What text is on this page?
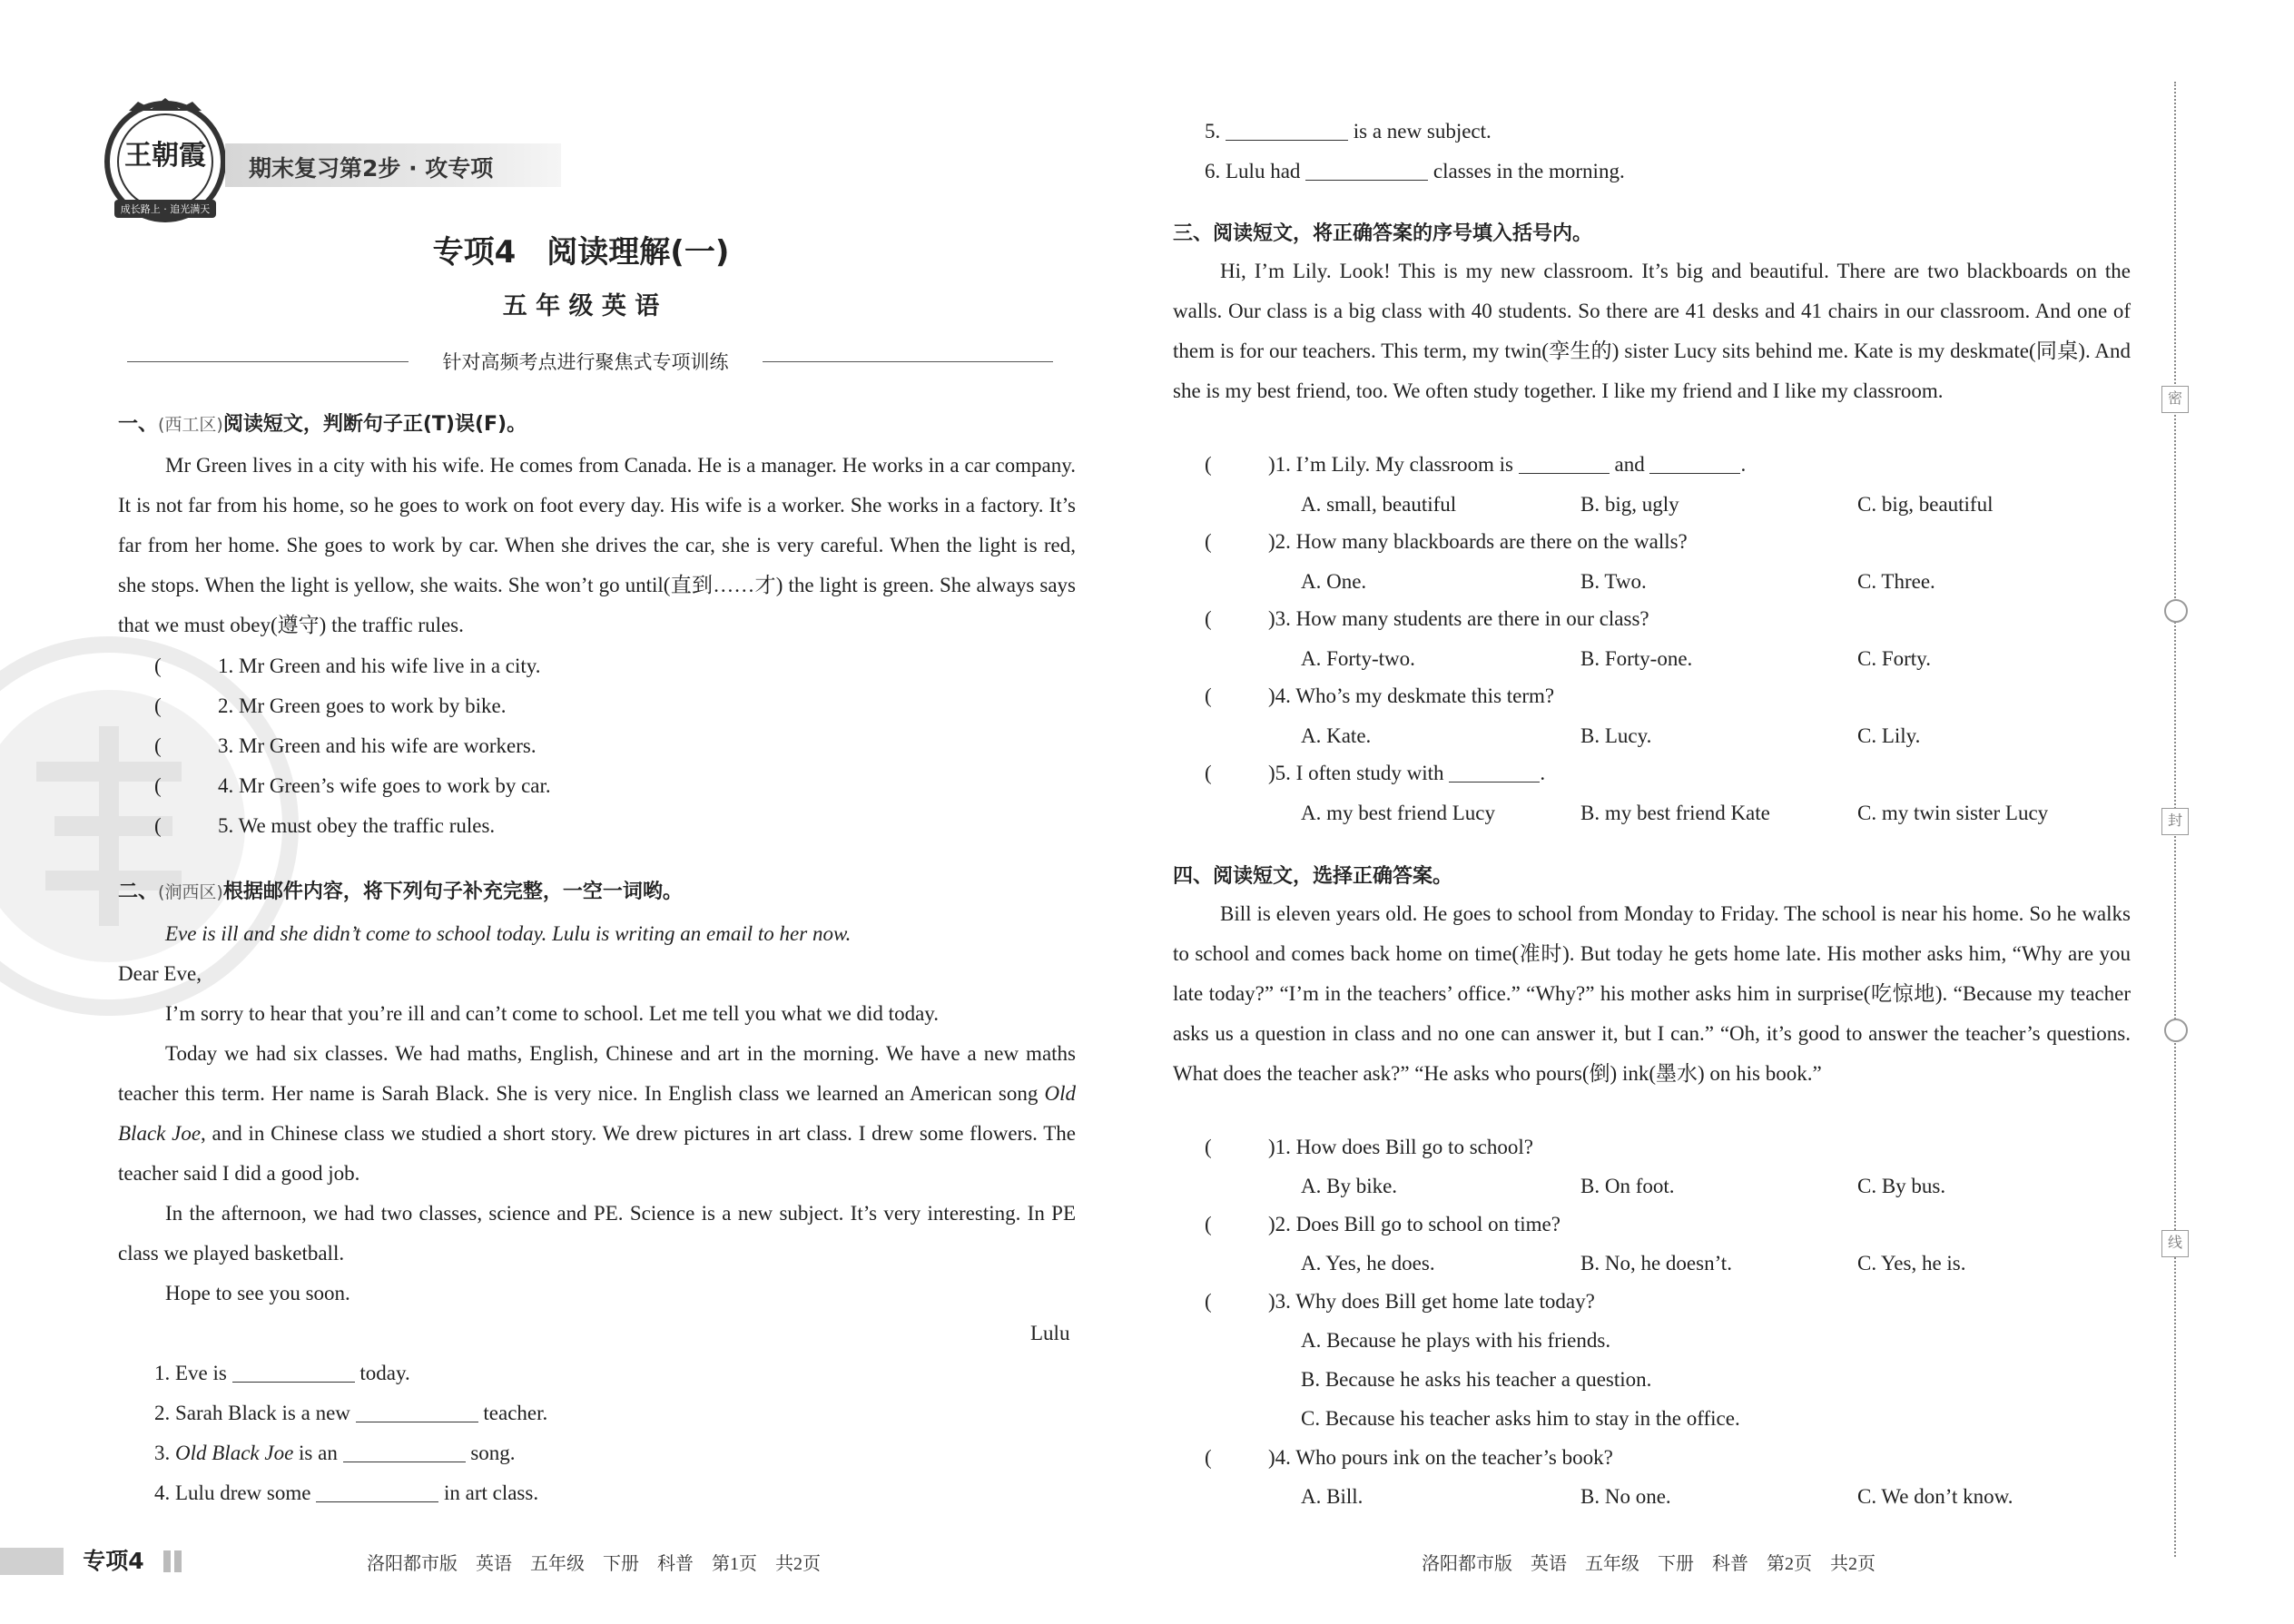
王朝霞
成长路上 · 追光满天
期末复习第2步 · 攻专项
专项4　阅读理解(一)
五 年 级 英 语
针对高频考点进行聚焦式专项训练
一、(西工区)阅读短文，判断句子正(T)误(F)。
Mr Green lives in a city with his wife. He comes from Canada. He is a manager. He works in a car company. It is not far from his home, so he goes to work on foot every day. His wife is a worker. She works in a factory. It’s far from her home. She goes to work by car. When she drives the car, she is very careful. When the light is red, she stops. When the light is yellow, she waits. She won’t go until(直到……才) the light is green. She always says that we must obey(遵守) the traffic rules.
(	1. Mr Green and his wife live in a city.
(	2. Mr Green goes to work by bike.
(	3. Mr Green and his wife are workers.
(	4. Mr Green’s wife goes to work by car.
(	5. We must obey the traffic rules.
二、(涧西区)根据邮件内容，将下列句子补充完整，一空一词哟。
Eve is ill and she didn’t come to school today. Lulu is writing an email to her now.
Dear Eve,
I’m sorry to hear that you’re ill and can’t come to school. Let me tell you what we did today.
Today we had six classes. We had maths, English, Chinese and art in the morning. We have a new maths teacher this term. Her name is Sarah Black. She is very nice. In English class we learned an American song Old Black Joe, and in Chinese class we studied a short story. We drew pictures in art class. I drew some flowers. The teacher said I did a good job.
In the afternoon, we had two classes, science and PE. Science is a new subject. It’s very interesting. In PE class we played basketball.
Hope to see you soon.
Lulu
1. Eve is	today.
2. Sarah Black is a new	teacher.
3. Old Black Joe is an	song.
4. Lulu drew some	in art class.
5.	is a new subject.
6. Lulu had	classes in the morning.
三、阅读短文，将正确答案的序号填入括号内。
Hi, I’m Lily. Look! This is my new classroom. It’s big and beautiful. There are two blackboards on the walls. Our class is a big class with 40 students. So there are 41 desks and 41 chairs in our classroom. And one of them is for our teachers. This term, my twin(孪生的) sister Lucy sits behind me. Kate is my deskmate(同桌). And she is my best friend, too. We often study together. I like my friend and I like my classroom.
(	)1. I’m Lily. My classroom is	and	.
A. small, beautiful	B. big, ugly	C. big, beautiful
(	)2. How many blackboards are there on the walls?
A. One.	B. Two.	C. Three.
(	)3. How many students are there in our class?
A. Forty-two.	B. Forty-one.	C. Forty.
(	)4. Who’s my deskmate this term?
A. Kate.	B. Lucy.	C. Lily.
(	)5. I often study with	.
A. my best friend Lucy	B. my best friend Kate	C. my twin sister Lucy
四、阅读短文，选择正确答案。
Bill is eleven years old. He goes to school from Monday to Friday. The school is near his home. So he walks to school and comes back home on time(准时). But today he gets home late. His mother asks him, “Why are you late today?” “I’m in the teachers’ office.” “Why?” his mother asks him in surprise(吃惊地). “Because my teacher asks us a question in class and no one can answer it, but I can.” “Oh, it’s good to answer the teacher’s questions. What does the teacher ask?” “He asks who pours(倒) ink(墨水) on his book.”
(	)1. How does Bill go to school?
A. By bike.	B. On foot.	C. By bus.
(	)2. Does Bill go to school on time?
A. Yes, he does.	B. No, he doesn’t.	C. Yes, he is.
(	)3. Why does Bill get home late today?
A. Because he plays with his friends.
B. Because he asks his teacher a question.
C. Because his teacher asks him to stay in the office.
(	)4. Who pours ink on the teacher’s book?
A. Bill.	B. No one.	C. We don’t know.
密
封
线
专项4	洛阳都市版　英语　五年级　下册　科普　第1页　共2页	洛阳都市版　英语　五年级　下册　科普　第2页　共2页
